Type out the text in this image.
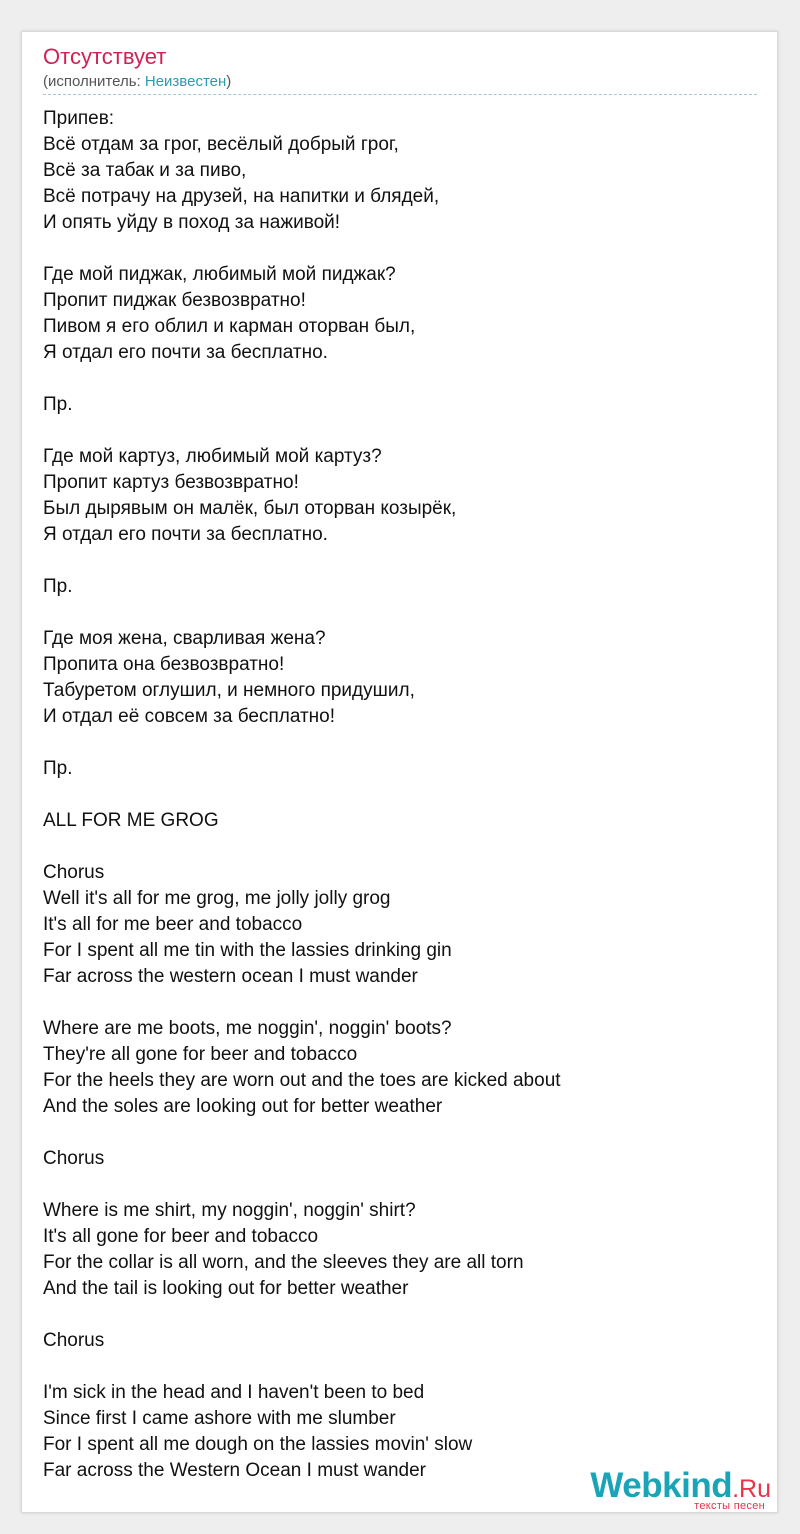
Отсутствует
(исполнитель: Неизвестен)
Припев:
Всё отдам за грог, весёлый добрый грог,
Всё за табак и за пиво,
Всё потрачу на друзей, на напитки и блядей,
И опять уйду в поход за наживой!
Где мой пиджак, любимый мой пиджак?
Пропит пиджак безвозвратно!
Пивом я его облил и карман оторван был,
Я отдал его почти за бесплатно.
Пр.
Где мой картуз, любимый мой картуз?
Пропит картуз безвозвратно!
Был дырявым он малёк, был оторван козырёк,
Я отдал его почти за бесплатно.
Пр.
Где моя жена, сварливая жена?
Пропита она безвозвратно!
Табуретом оглушил, и немного придушил,
И отдал её совсем за бесплатно!
Пр.
ALL FOR ME GROG
Chorus
Well it's all for me grog, me jolly jolly grog
It's all for me beer and tobacco
For I spent all me tin with the lassies drinking gin
Far across the western ocean I must wander
Where are me boots, me noggin', noggin' boots?
They're all gone for beer and tobacco
For the heels they are worn out and the toes are kicked about
And the soles are looking out for better weather
Chorus
Where is me shirt, my noggin', noggin' shirt?
It's all gone for beer and tobacco
For the collar is all worn, and the sleeves they are all torn
And the tail is looking out for better weather
Chorus
I'm sick in the head and I haven't been to bed
Since first I came ashore with me slumber
For I spent all me dough on the lassies movin' slow
Far across the Western Ocean I must wander	Webkind.Ru
тексты песен
